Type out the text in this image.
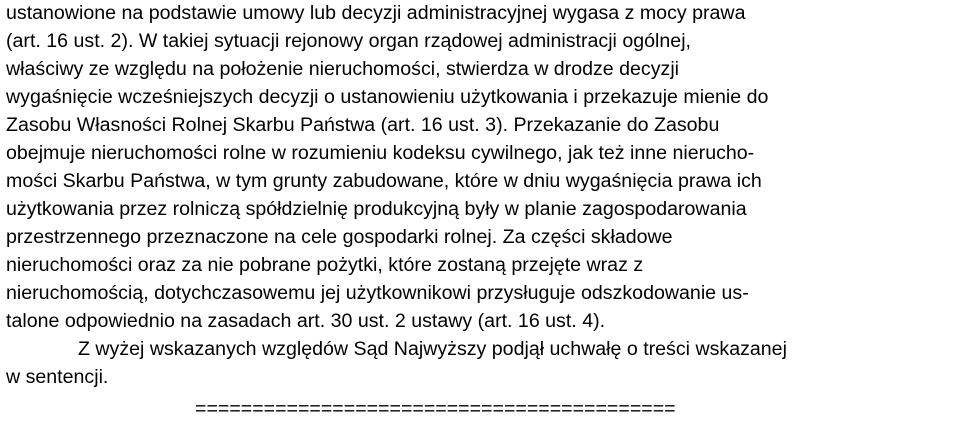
ustanowione na podstawie umowy lub decyzji administracyjnej wygasa z mocy prawa
(art. 16 ust. 2). W takiej sytuacji rejonowy organ rządowej administracji ogólnej,
właściwy ze względu na położenie nieruchomości, stwierdza w drodze decyzji
wygaśnięcie wcześniejszych decyzji o ustanowieniu użytkowania i przekazuje mienie do
Zasobu Własności Rolnej Skarbu Państwa (art. 16 ust. 3). Przekazanie do Zasobu
obejmuje nieruchomości rolne w rozumieniu kodeksu cywilnego, jak też inne nierucho-
mości Skarbu Państwa, w tym grunty zabudowane, które w dniu wygaśnięcia prawa ich
użytkowania przez rolniczą spółdzielnię produkcyjną były w planie zagospodarowania
przestrzennego przeznaczone na cele gospodarki rolnej. Za części składowe
nieruchomości oraz za nie pobrane pożytki, które zostaną przejęte wraz z
nieruchomością, dotychczasowemu jej użytkownikowi przysługuje odszkodowanie us-
talone odpowiednio na zasadach art. 30 ust. 2 ustawy (art. 16 ust. 4).
Z wyżej wskazanych względów Sąd Najwyższy podjął uchwałę o treści wskazanej
w sentencji.
==========================================
